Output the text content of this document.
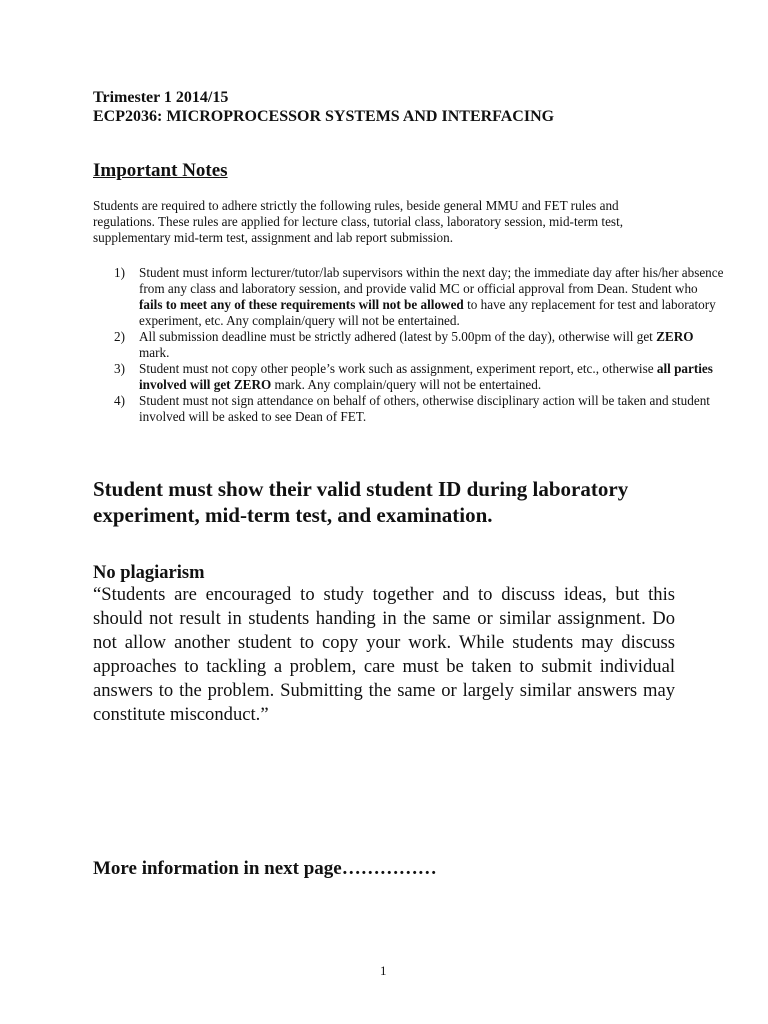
Trimester 1 2014/15
ECP2036: MICROPROCESSOR SYSTEMS AND INTERFACING
Important Notes
Students are required to adhere strictly the following rules, beside general MMU and FET rules and regulations. These rules are applied for lecture class, tutorial class, laboratory session, mid-term test, supplementary mid-term test, assignment and lab report submission.
1) Student must inform lecturer/tutor/lab supervisors within the next day; the immediate day after his/her absence from any class and laboratory session, and provide valid MC or official approval from Dean. Student who fails to meet any of these requirements will not be allowed to have any replacement for test and laboratory experiment, etc. Any complain/query will not be entertained.
2) All submission deadline must be strictly adhered (latest by 5.00pm of the day), otherwise will get ZERO mark.
3) Student must not copy other people’s work such as assignment, experiment report, etc., otherwise all parties involved will get ZERO mark. Any complain/query will not be entertained.
4) Student must not sign attendance on behalf of others, otherwise disciplinary action will be taken and student involved will be asked to see Dean of FET.
Student must show their valid student ID during laboratory experiment, mid-term test, and examination.
No plagiarism
“Students are encouraged to study together and to discuss ideas, but this should not result in students handing in the same or similar assignment. Do not allow another student to copy your work. While students may discuss approaches to tackling a problem, care must be taken to submit individual answers to the problem. Submitting the same or largely similar answers may constitute misconduct.”
More information in next page……………
1
